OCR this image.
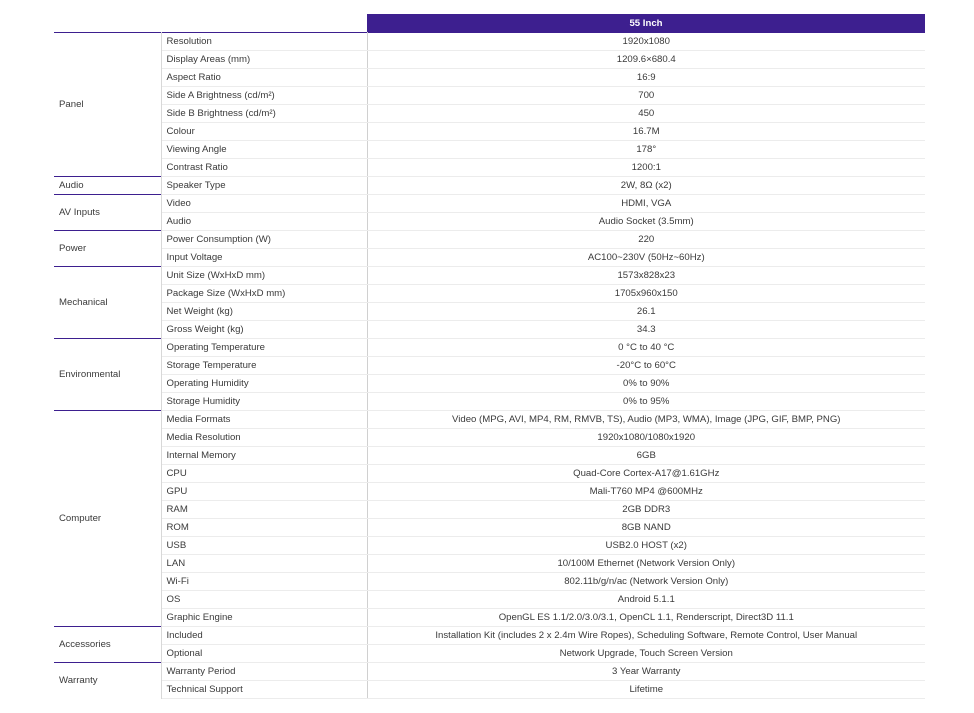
		55 Inch
Panel	Resolution	1920x1080
	Display Areas (mm)	1209.6×680.4
	Aspect Ratio	16:9
	Side A Brightness (cd/m²)	700
	Side B Brightness (cd/m²)	450
	Colour	16.7M
	Viewing Angle	178°
	Contrast Ratio	1200:1
Audio	Speaker Type	2W, 8Ω (x2)
AV Inputs	Video	HDMI, VGA
	Audio	Audio Socket (3.5mm)
Power	Power Consumption (W)	220
	Input Voltage	AC100~230V (50Hz~60Hz)
Mechanical	Unit Size (WxHxD mm)	1573x828x23
	Package Size (WxHxD mm)	1705x960x150
	Net Weight (kg)	26.1
	Gross Weight (kg)	34.3
Environmental	Operating Temperature	0 °C to 40 °C
	Storage Temperature	-20°C to 60°C
	Operating Humidity	0% to 90%
	Storage Humidity	0% to 95%
Computer	Media Formats	Video (MPG, AVI, MP4, RM, RMVB, TS), Audio (MP3, WMA), Image (JPG, GIF, BMP, PNG)
	Media Resolution	1920x1080/1080x1920
	Internal Memory	6GB
	CPU	Quad-Core Cortex-A17@1.61GHz
	GPU	Mali-T760 MP4 @600MHz
	RAM	2GB DDR3
	ROM	8GB NAND
	USB	USB2.0 HOST (x2)
	LAN	10/100M Ethernet (Network Version Only)
	Wi-Fi	802.11b/g/n/ac (Network Version Only)
	OS	Android 5.1.1
	Graphic Engine	OpenGL ES 1.1/2.0/3.0/3.1, OpenCL 1.1, Renderscript, Direct3D 11.1
Accessories	Included	Installation Kit (includes 2 x 2.4m Wire Ropes), Scheduling Software, Remote Control, User Manual
	Optional	Network Upgrade, Touch Screen Version
Warranty	Warranty Period	3 Year Warranty
	Technical Support	Lifetime
